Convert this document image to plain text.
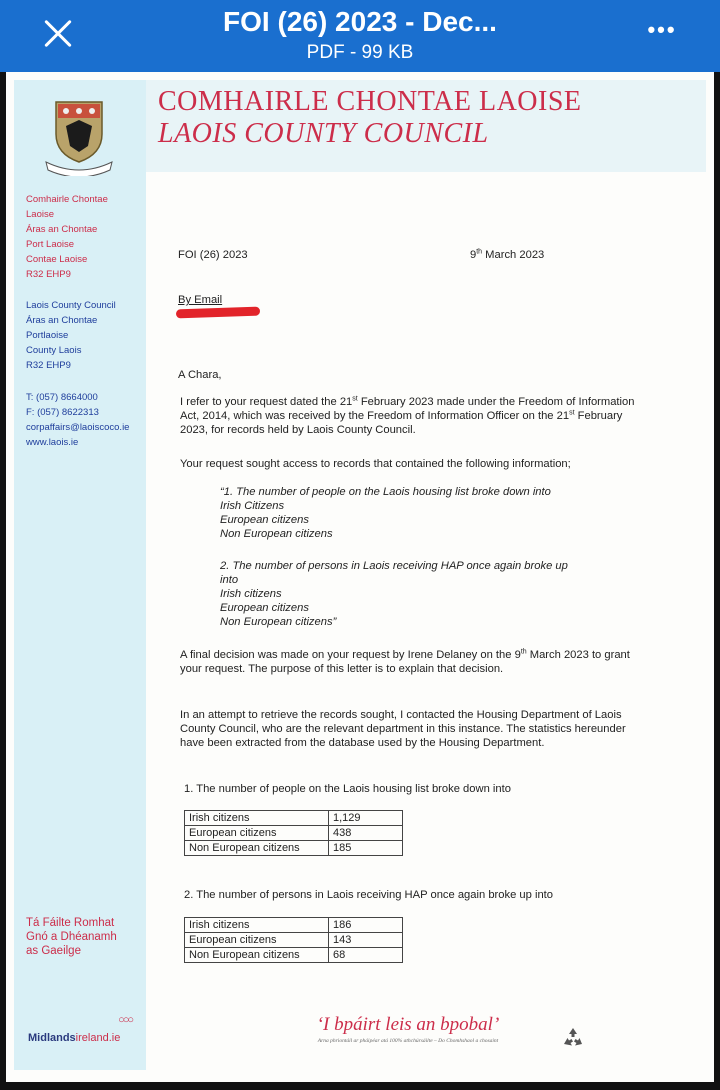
FOI (26) 2023 - Dec...
PDF - 99 KB
•••
Comhairle Chontae
Laoise
Áras an Chontae
Port Laoise
Contae Laoise
R32 EHP9
Laois County Council
Áras an Chontae
Portlaoise
County Laois
R32 EHP9
T: (057) 8664000
F: (057) 8622313
corpaffairs@laoiscoco.ie
www.laois.ie
Tá Fáilte Romhat
Gnó a Dhéanamh
as Gaeilge
○○○
Midlandsireland.ie
COMHAIRLE CHONTAE LAOISE
LAOIS COUNTY COUNCIL
FOI (26) 2023	9th March 2023
By Email
A Chara,
I refer to your request dated the 21st February 2023 made under the Freedom of Information Act, 2014, which was received by the Freedom of Information Officer on the 21st February 2023, for records held by Laois County Council.
Your request sought access to records that contained the following information;
“1. The number of people on the Laois housing list broke down into
Irish Citizens
European citizens
Non European citizens
2. The number of persons in Laois receiving HAP once again broke up
into
Irish citizens
European citizens
Non European citizens”
A final decision was made on your request by Irene Delaney on the 9th March 2023 to grant your request. The purpose of this letter is to explain that decision.
In an attempt to retrieve the records sought, I contacted the Housing Department of Laois County Council, who are the relevant department in this instance. The statistics hereunder have been extracted from the database used by the Housing Department.
1. The number of people on the Laois housing list broke down into
Irish citizens	1,129
European citizens	438
Non European citizens	185
2. The number of persons in Laois receiving HAP once again broke up into
Irish citizens	186
European citizens	143
Non European citizens	68
‘I bpáirt leis an bpobal’
Arna phriontáil ar pháipéar atá 100% athchúrsáilte – Do Chomhshaol a chosaint
